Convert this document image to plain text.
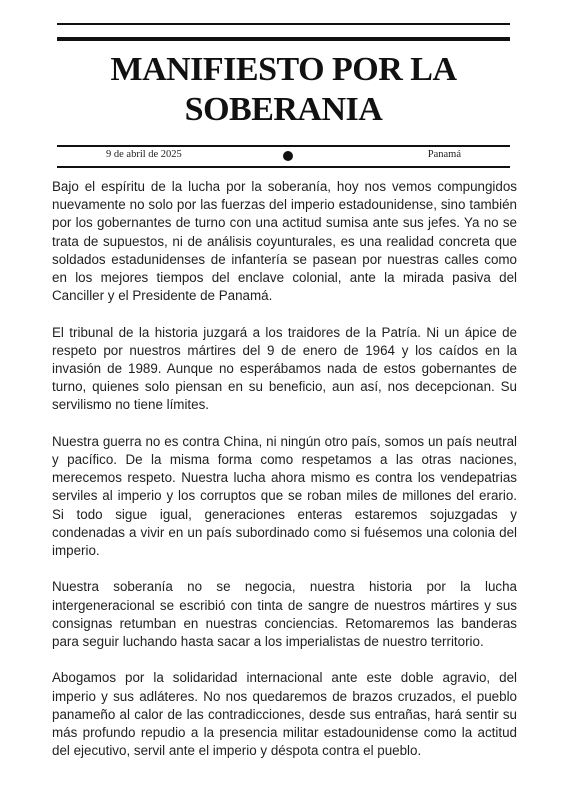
MANIFIESTO POR LA SOBERANIA
9 de abril de 2025	Panamá

Bajo el espíritu de la lucha por la soberanía, hoy nos vemos compungidos nuevamente no solo por las fuerzas del imperio estadounidense, sino también por los gobernantes de turno con una actitud sumisa ante sus jefes. Ya no se trata de supuestos, ni de análisis coyunturales, es una realidad concreta que soldados estadunidenses de infantería se pasean por nuestras calles como en los mejores tiempos del enclave colonial, ante la mirada pasiva del Canciller y el Presidente de Panamá.

El tribunal de la historia juzgará a los traidores de la Patría. Ni un ápice de respeto por nuestros mártires del 9 de enero de 1964 y los caídos en la invasión de 1989. Aunque no esperábamos nada de estos gobernantes de turno, quienes solo piensan en su beneficio, aun así, nos decepcionan. Su servilismo no tiene límites.

Nuestra guerra no es contra China, ni ningún otro país, somos un país neutral y pacífico. De la misma forma como respetamos a las otras naciones, merecemos respeto. Nuestra lucha ahora mismo es contra los vendepatrias serviles al imperio y los corruptos que se roban miles de millones del erario. Si todo sigue igual, generaciones enteras estaremos sojuzgadas y condenadas a vivir en un país subordinado como si fuésemos una colonia del imperio.

Nuestra soberanía no se negocia, nuestra historia por la lucha intergeneracional se escribió con tinta de sangre de nuestros mártires y sus consignas retumban en nuestras conciencias. Retomaremos las banderas para seguir luchando hasta sacar a los imperialistas de nuestro territorio.

Abogamos por la solidaridad internacional ante este doble agravio, del imperio y sus adláteres. No nos quedaremos de brazos cruzados, el pueblo panameño al calor de las contradicciones, desde sus entrañas, hará sentir su más profundo repudio a la presencia militar estadounidense como la actitud del ejecutivo, servil ante el imperio y déspota contra el pueblo.
